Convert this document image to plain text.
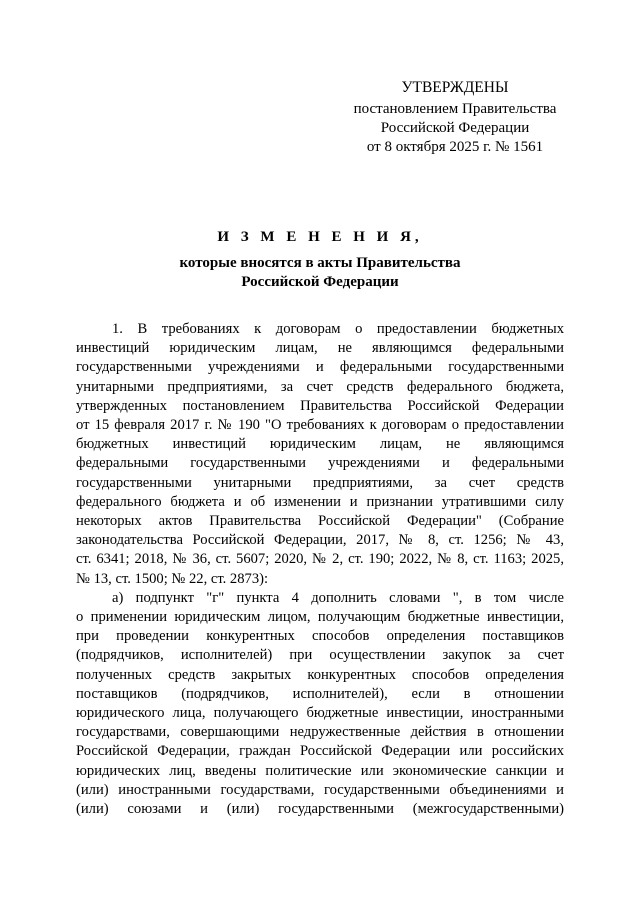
УТВЕРЖДЕНЫ
постановлением Правительства
Российской Федерации
от 8 октября 2025 г. № 1561
И З М Е Н Е Н И Я,
которые вносятся в акты Правительства
Российской Федерации
1. В требованиях к договорам о предоставлении бюджетных
инвестиций юридическим лицам, не являющимся федеральными
государственными учреждениями и федеральными государственными
унитарными предприятиями, за счет средств федерального бюджета,
утвержденных постановлением Правительства Российской Федерации
от 15 февраля 2017 г. № 190 "О требованиях к договорам о предоставлении
бюджетных инвестиций юридическим лицам, не являющимся
федеральными государственными учреждениями и федеральными
государственными унитарными предприятиями, за счет средств
федерального бюджета и об изменении и признании утратившими силу
некоторых актов Правительства Российской Федерации" (Собрание
законодательства Российской Федерации, 2017, № 8, ст. 1256; № 43,
ст. 6341; 2018, № 36, ст. 5607; 2020, № 2, ст. 190; 2022, № 8, ст. 1163; 2025,
№ 13, ст. 1500; № 22, ст. 2873):
а) подпункт "г" пункта 4 дополнить словами ", в том числе
о применении юридическим лицом, получающим бюджетные инвестиции,
при проведении конкурентных способов определения поставщиков
(подрядчиков, исполнителей) при осуществлении закупок за счет
полученных средств закрытых конкурентных способов определения
поставщиков (подрядчиков, исполнителей), если в отношении
юридического лица, получающего бюджетные инвестиции, иностранными
государствами, совершающими недружественные действия в отношении
Российской Федерации, граждан Российской Федерации или российских
юридических лиц, введены политические или экономические санкции и
(или) иностранными государствами, государственными объединениями и
(или) союзами и (или) государственными (межгосударственными)
